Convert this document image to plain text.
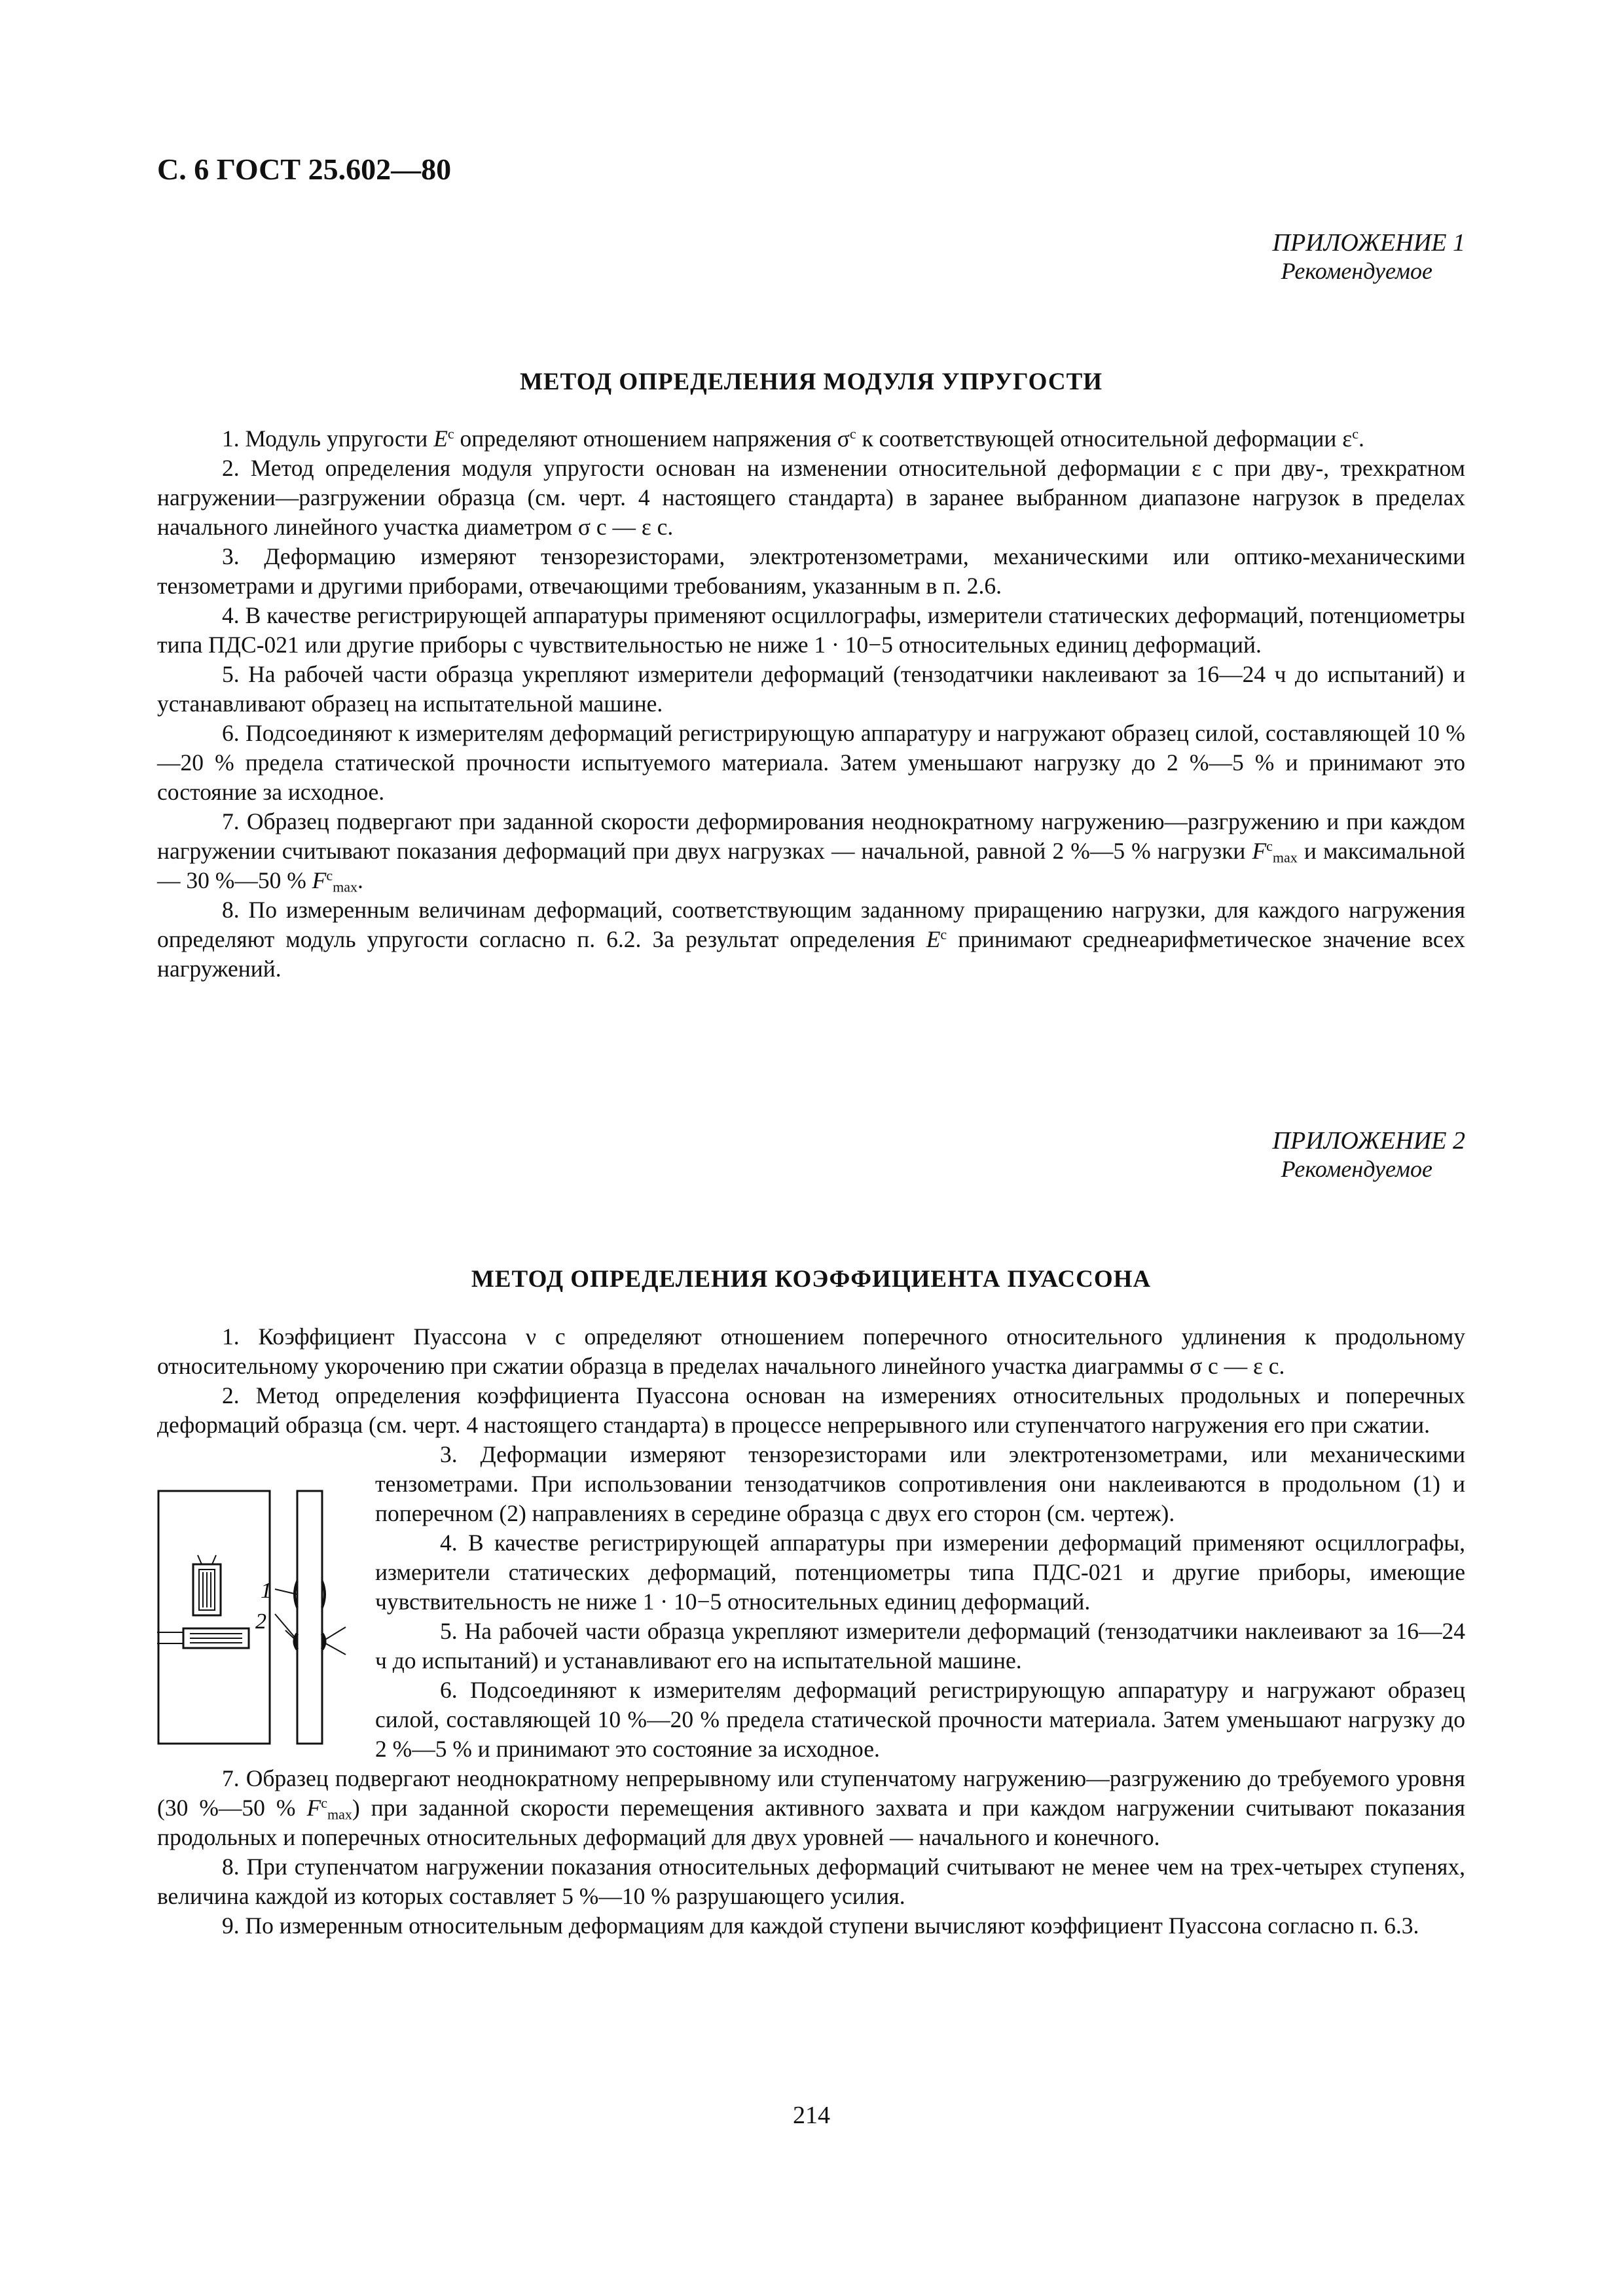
С. 6 ГОСТ 25.602—80
ПРИЛОЖЕНИЕ 1
Рекомендуемое
МЕТОД ОПРЕДЕЛЕНИЯ МОДУЛЯ УПРУГОСТИ

1. Модуль упругости $E^c$ определяют отношением напряжения $\sigma^c$ к соответствующей относительной деформации $\varepsilon^c$.

2. Метод определения модуля упругости основан на изменении относительной деформации ε c при дву-, трехкратном нагружении—разгружении образца (см. черт. 4 настоящего стандарта) в заранее выбранном диапазоне нагрузок в пределах начального линейного участка диаметром σ c — ε c.

3. Деформацию измеряют тензорезисторами, электротензометрами, механическими или оптико-механическими тензометрами и другими приборами, отвечающими требованиям, указанным в п. 2.6.

4. В качестве регистрирующей аппаратуры применяют осциллографы, измерители статических деформаций, потенциометры типа ПДС-021 или другие приборы с чувствительностью не ниже 1 · 10−5 относительных единиц деформаций.

5. На рабочей части образца укрепляют измерители деформаций (тензодатчики наклеивают за 16—24 ч до испытаний) и устанавливают образец на испытательной машине.

6. Подсоединяют к измерителям деформаций регистрирующую аппаратуру и нагружают образец силой, составляющей 10 %—20 % предела статической прочности испытуемого материала. Затем уменьшают нагрузку до 2 %—5 % и принимают это состояние за исходное.

7. Образец подвергают при заданной скорости деформирования неоднократному нагружению—разгружению и при каждом нагружении считывают показания деформаций при двух нагрузках — начальной, равной 2 %—5 % нагрузки $F^c_{max}$ и максимальной — 30 %—50 % $F^c_{max}$.

8. По измеренным величинам деформаций, соответствующим заданному приращению нагрузки, для каждого нагружения определяют модуль упругости согласно п. 6.2. За результат определения $E^c$ принимают среднеарифметическое значение всех нагружений.

ПРИЛОЖЕНИЕ 2
Рекомендуемое
МЕТОД ОПРЕДЕЛЕНИЯ КОЭФФИЦИЕНТА ПУАССОНА

1. Коэффициент Пуассона ν c определяют отношением поперечного относительного удлинения к продольному относительному укорочению при сжатии образца в пределах начального линейного участка диаграммы σ c — ε c.

2. Метод определения коэффициента Пуассона основан на измерениях относительных продольных и поперечных деформаций образца (см. черт. 4 настоящего стандарта) в процессе непрерывного или ступенчатого нагружения его при сжатии.

1
2

3. Деформации измеряют тензорезисторами или электротензометрами, или механическими тензометрами. При использовании тензодатчиков сопротивления они наклеиваются в продольном (1) и поперечном (2) направлениях в середине образца с двух его сторон (см. чертеж).

4. В качестве регистрирующей аппаратуры при измерении деформаций применяют осциллографы, измерители статических деформаций, потенциометры типа ПДС-021 и другие приборы, имеющие чувствительность не ниже 1 · 10−5 относительных единиц деформаций.

5. На рабочей части образца укрепляют измерители деформаций (тензодатчики наклеивают за 16—24 ч до испытаний) и устанавливают его на испытательной машине.

6. Подсоединяют к измерителям деформаций регистрирующую аппаратуру и нагружают образец силой, составляющей 10 %—20 % предела статической прочности материала. Затем уменьшают нагрузку до 2 %—5 % и принимают это состояние за исходное.

7. Образец подвергают неоднократному непрерывному или ступенчатому нагружению—разгружению до требуемого уровня (30 %—50 % $F^c_{max}$) при заданной скорости перемещения активного захвата и при каждом нагружении считывают показания продольных и поперечных относительных деформаций для двух уровней — начального и конечного.

8. При ступенчатом нагружении показания относительных деформаций считывают не менее чем на трех-четырех ступенях, величина каждой из которых составляет 5 %—10 % разрушающего усилия.

9. По измеренным относительным деформациям для каждой ступени вычисляют коэффициент Пуассона согласно п. 6.3.

214
